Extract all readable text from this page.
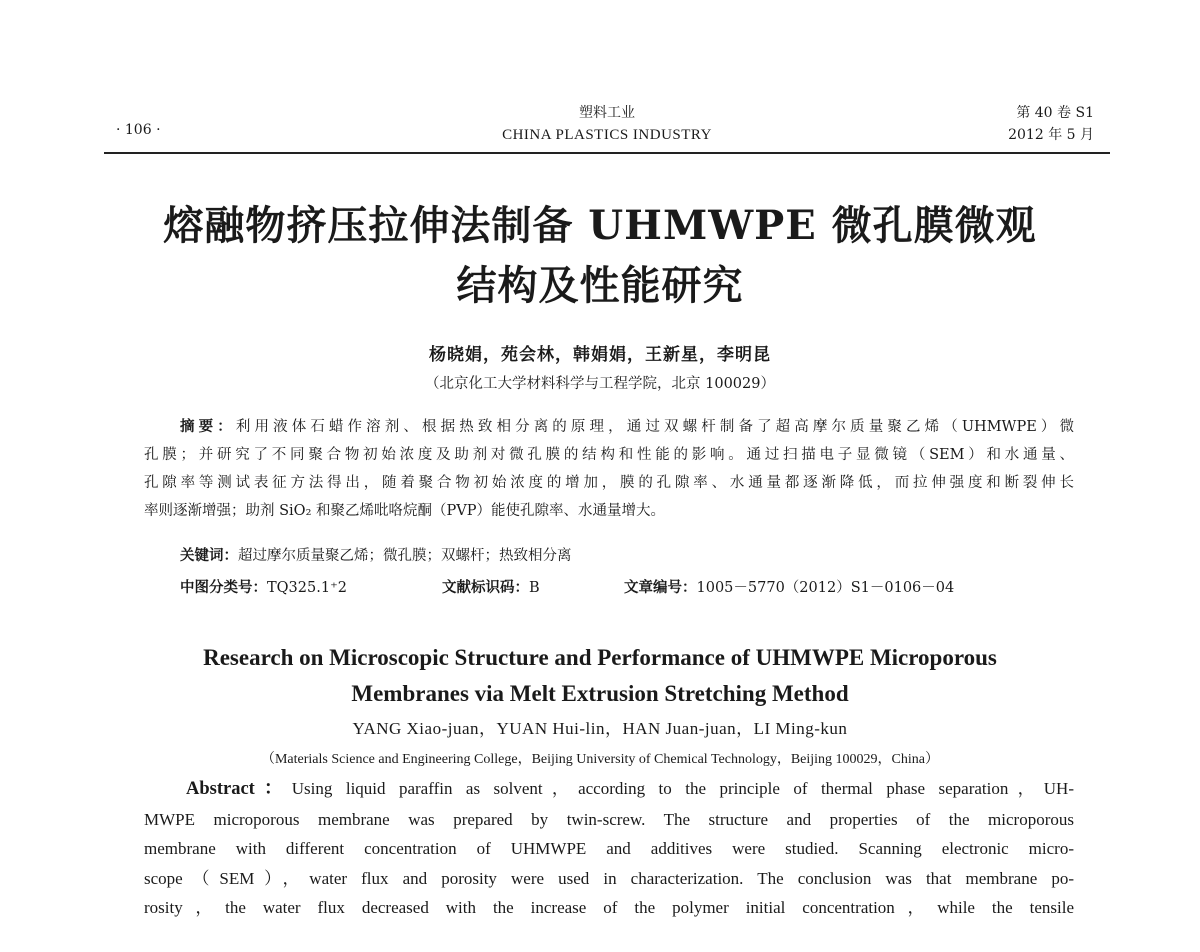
· 106 ·
塑料工业
CHINA PLASTICS INDUSTRY
第 40 卷 S1
2012 年 5 月
熔融物挤压拉伸法制备 UHMWPE 微孔膜微观
结构及性能研究
杨晓娟，苑会林，韩娟娟，王新星，李明昆
（北京化工大学材料科学与工程学院，北京 100029）
摘要：利用液体石蜡作溶剂、根据热致相分离的原理，通过双螺杆制备了超高摩尔质量聚乙烯（UHMWPE）微
孔膜；并研究了不同聚合物初始浓度及助剂对微孔膜的结构和性能的影响。通过扫描电子显微镜（SEM）和水通量、
孔隙率等测试表征方法得出，随着聚合物初始浓度的增加，膜的孔隙率、水通量都逐渐降低，而拉伸强度和断裂伸长
率则逐渐增强；助剂 SiO₂ 和聚乙烯吡咯烷酮（PVP）能使孔隙率、水通量增大。
关键词：超过摩尔质量聚乙烯；微孔膜；双螺杆；热致相分离
中图分类号：TQ325.1⁺2	文献标识码：B	文章编号：1005－5770（2012）S1－0106－04
Research on Microscopic Structure and Performance of UHMWPE Microporous
Membranes via Melt Extrusion Stretching Method
YANG Xiao-juan，YUAN Hui-lin，HAN Juan-juan，LI Ming-kun
（Materials Science and Engineering College，Beijing University of Chemical Technology，Beijing 100029，China）
Abstract：Using liquid paraffin as solvent，according to the principle of thermal phase separation，UH-
MWPE microporous membrane was prepared by twin-screw. The structure and properties of the microporous
membrane with different concentration of UHMWPE and additives were studied. Scanning electronic micro-
scope（SEM），water flux and porosity were used in characterization. The conclusion was that membrane po-
rosity，the water flux decreased with the increase of the polymer initial concentration，while the tensile
